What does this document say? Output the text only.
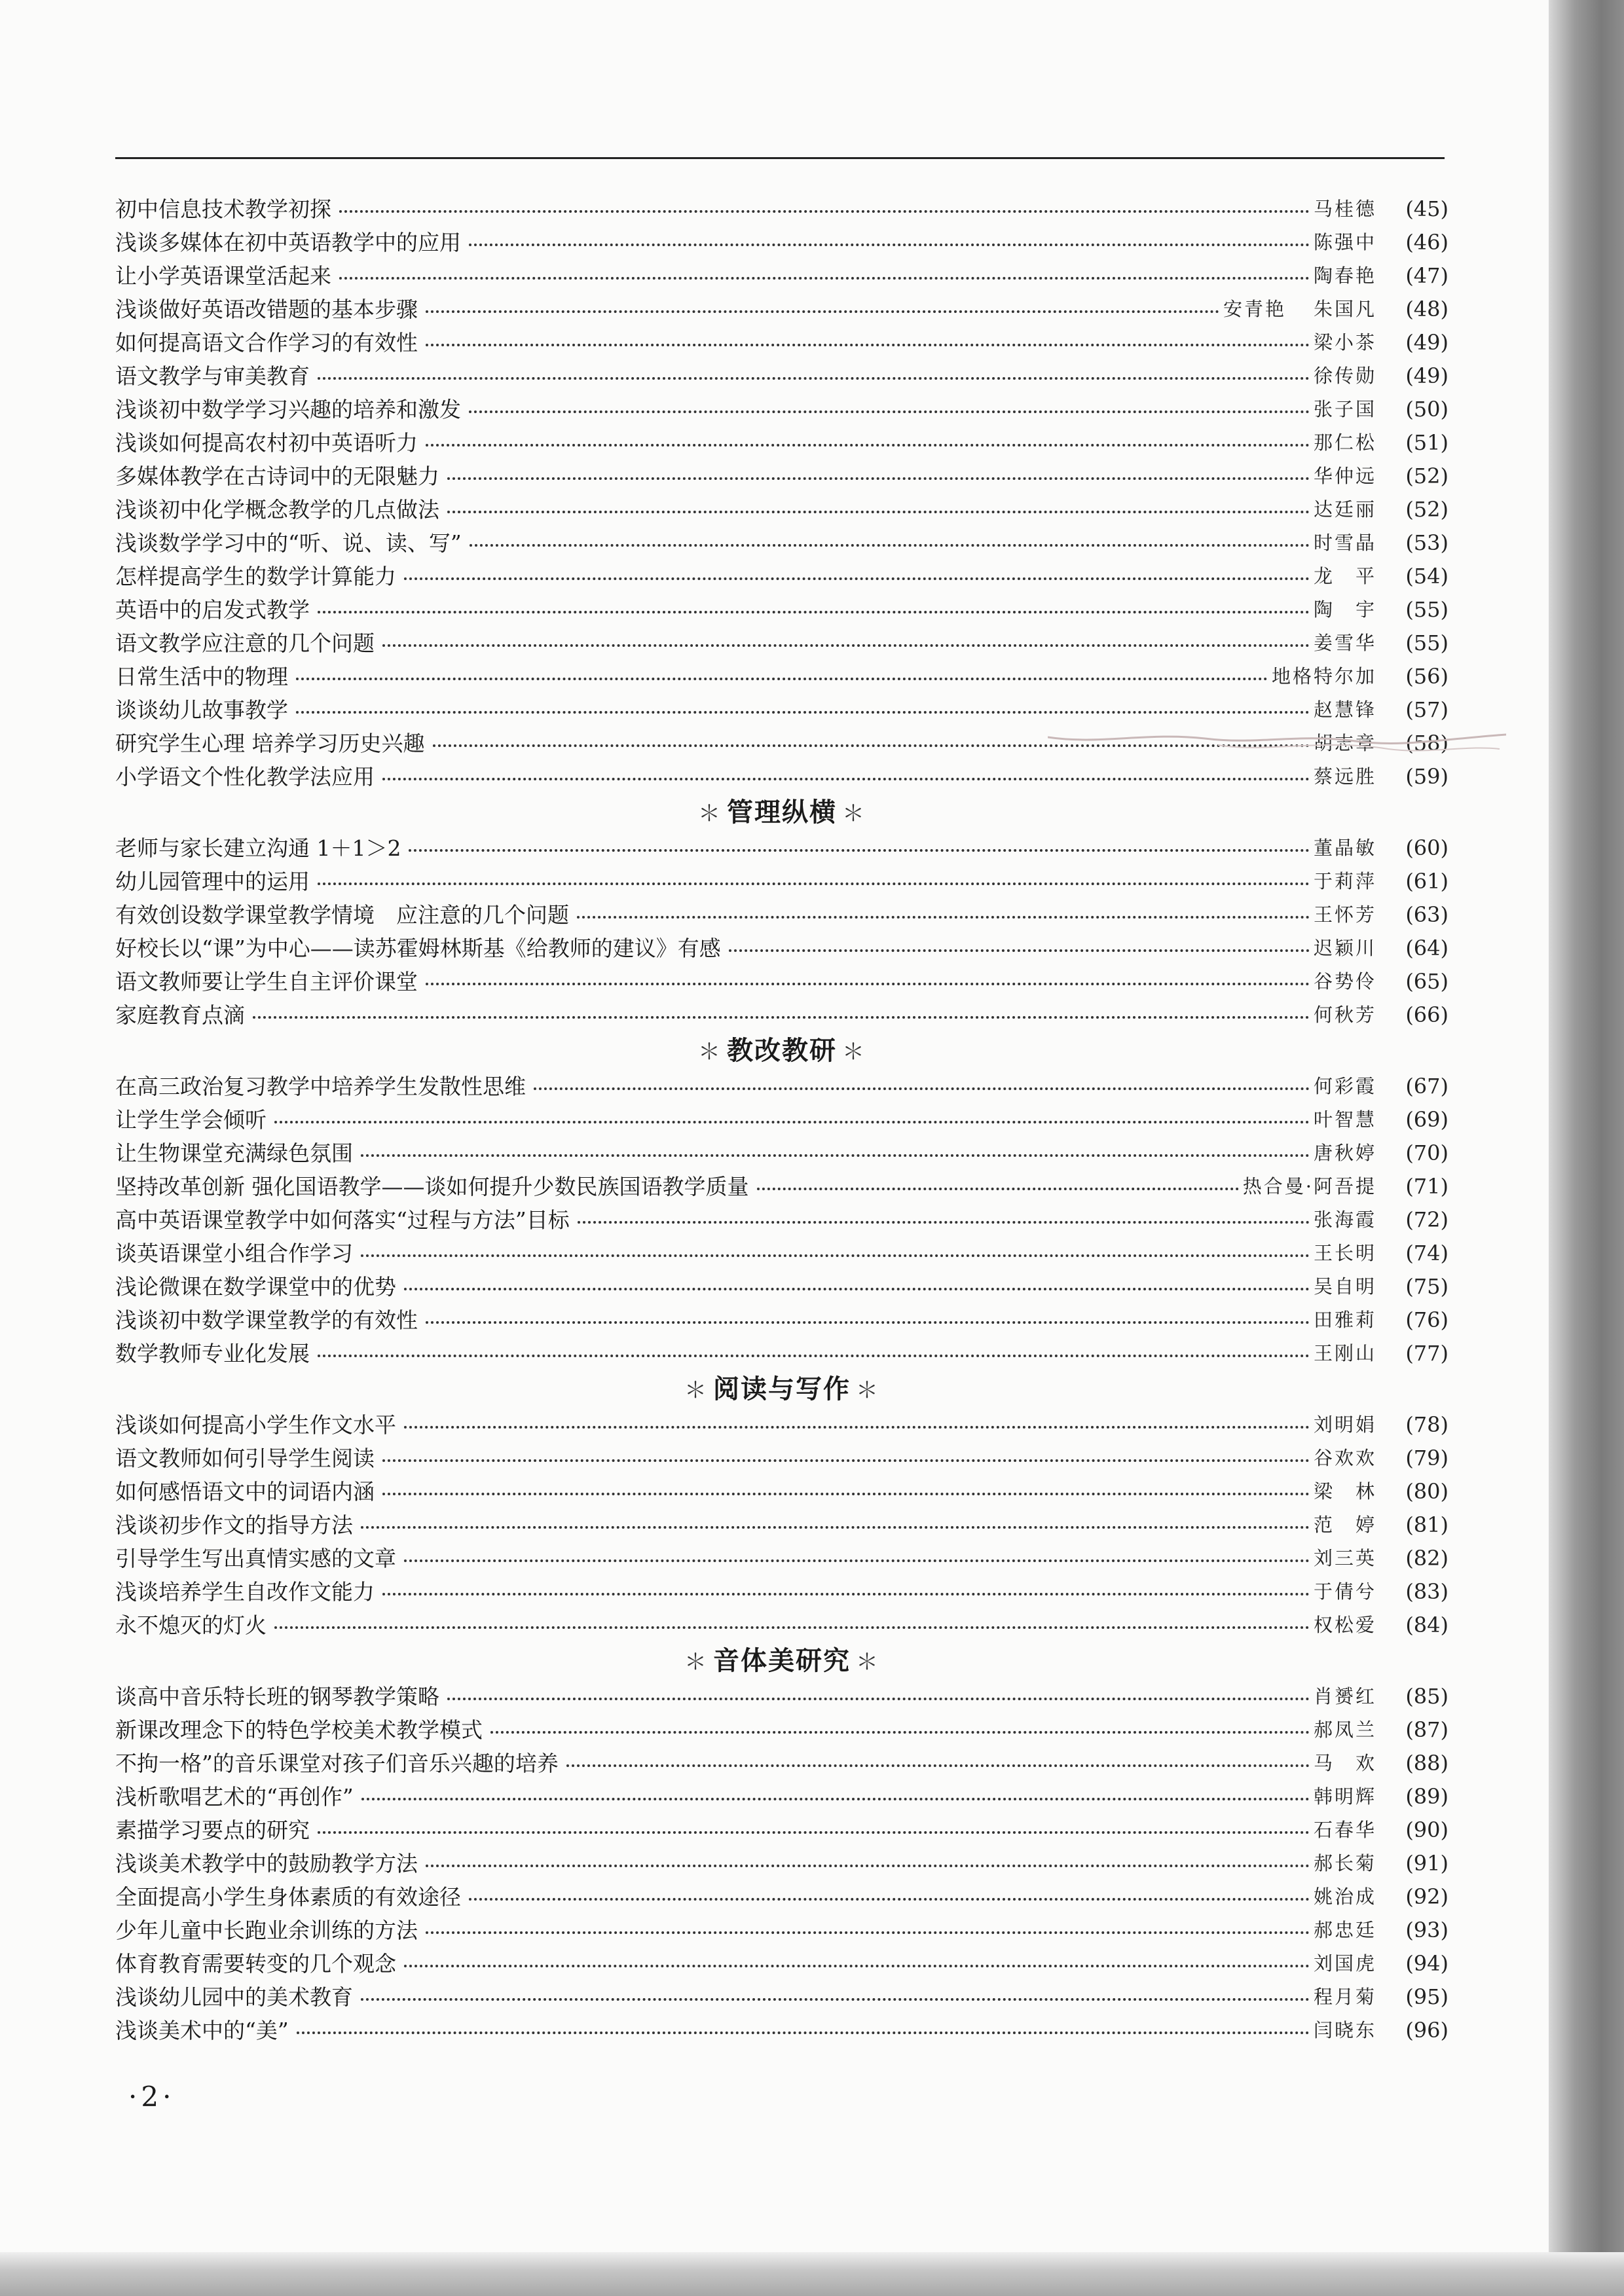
初中信息技术教学初探	马桂德	(45)
浅谈多媒体在初中英语教学中的应用	陈强中	(46)
让小学英语课堂活起来	陶春艳	(47)
浅谈做好英语改错题的基本步骤	安青艳 朱国凡	(48)
如何提高语文合作学习的有效性	梁小茶	(49)
语文教学与审美教育	徐传勋	(49)
浅谈初中数学学习兴趣的培养和激发	张子国	(50)
浅谈如何提高农村初中英语听力	那仁松	(51)
多媒体教学在古诗词中的无限魅力	华仲远	(52)
浅谈初中化学概念教学的几点做法	达廷丽	(52)
浅谈数学学习中的“听、说、读、写”	时雪晶	(53)
怎样提高学生的数学计算能力	龙　平	(54)
英语中的启发式教学	陶　宇	(55)
语文教学应注意的几个问题	姜雪华	(55)
日常生活中的物理	地格特尔加	(56)
谈谈幼儿故事教学	赵慧锋	(57)
研究学生心理 培养学习历史兴趣	胡志章	(58)
小学语文个性化教学法应用	蔡远胜	(59)
＊ 管理纵横 ＊
老师与家长建立沟通 1＋1＞2	董晶敏	(60)
幼儿园管理中的运用	于莉萍	(61)
有效创设数学课堂教学情境　应注意的几个问题	王怀芳	(63)
好校长以“课”为中心——读苏霍姆林斯基《给教师的建议》有感	迟颖川	(64)
语文教师要让学生自主评价课堂	谷势伶	(65)
家庭教育点滴	何秋芳	(66)
＊ 教改教研 ＊
在高三政治复习教学中培养学生发散性思维	何彩霞	(67)
让学生学会倾听	叶智慧	(69)
让生物课堂充满绿色氛围	唐秋婷	(70)
坚持改革创新 强化国语教学——谈如何提升少数民族国语教学质量	热合曼·阿吾提	(71)
高中英语课堂教学中如何落实“过程与方法”目标	张海霞	(72)
谈英语课堂小组合作学习	王长明	(74)
浅论微课在数学课堂中的优势	吴自明	(75)
浅谈初中数学课堂教学的有效性	田雅莉	(76)
数学教师专业化发展	王刚山	(77)
＊ 阅读与写作 ＊
浅谈如何提高小学生作文水平	刘明娟	(78)
语文教师如何引导学生阅读	谷欢欢	(79)
如何感悟语文中的词语内涵	梁　林	(80)
浅谈初步作文的指导方法	范　婷	(81)
引导学生写出真情实感的文章	刘三英	(82)
浅谈培养学生自改作文能力	于倩兮	(83)
永不熄灭的灯火	权松爱	(84)
＊ 音体美研究 ＊
谈高中音乐特长班的钢琴教学策略	肖赟红	(85)
新课改理念下的特色学校美术教学模式	郝凤兰	(87)
不拘一格”的音乐课堂对孩子们音乐兴趣的培养	马　欢	(88)
浅析歌唱艺术的“再创作”	韩明辉	(89)
素描学习要点的研究	石春华	(90)
浅谈美术教学中的鼓励教学方法	郝长菊	(91)
全面提高小学生身体素质的有效途径	姚治成	(92)
少年儿童中长跑业余训练的方法	郝忠廷	(93)
体育教育需要转变的几个观念	刘国虎	(94)
浅谈幼儿园中的美术教育	程月菊	(95)
浅谈美术中的“美”	闫晓东	(96)
·2·
